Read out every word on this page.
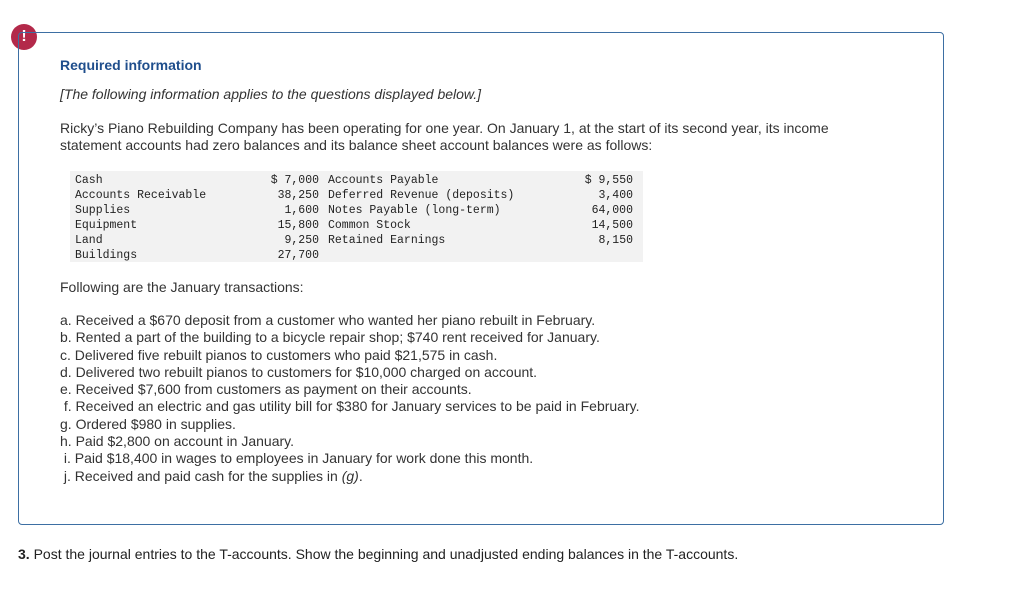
!
Required information
[The following information applies to the questions displayed below.]
Ricky’s Piano Rebuilding Company has been operating for one year. On January 1, at the start of its second year, its income statement accounts had zero balances and its balance sheet account balances were as follows:
Cash	$ 7,000 Accounts Payable	$ 9,550
Accounts Receivable	38,250 Deferred Revenue (deposits)	3,400
Supplies	1,600 Notes Payable (long-term)	64,000
Equipment	15,800 Common Stock	14,500
Land	9,250 Retained Earnings	8,150
Buildings	27,700
Following are the January transactions:
a. Received a $670 deposit from a customer who wanted her piano rebuilt in February.
b. Rented a part of the building to a bicycle repair shop; $740 rent received for January.
c. Delivered five rebuilt pianos to customers who paid $21,575 in cash.
d. Delivered two rebuilt pianos to customers for $10,000 charged on account.
e. Received $7,600 from customers as payment on their accounts.
f. Received an electric and gas utility bill for $380 for January services to be paid in February.
g. Ordered $980 in supplies.
h. Paid $2,800 on account in January.
i. Paid $18,400 in wages to employees in January for work done this month.
j. Received and paid cash for the supplies in (g).
3. Post the journal entries to the T-accounts. Show the beginning and unadjusted ending balances in the T-accounts.
